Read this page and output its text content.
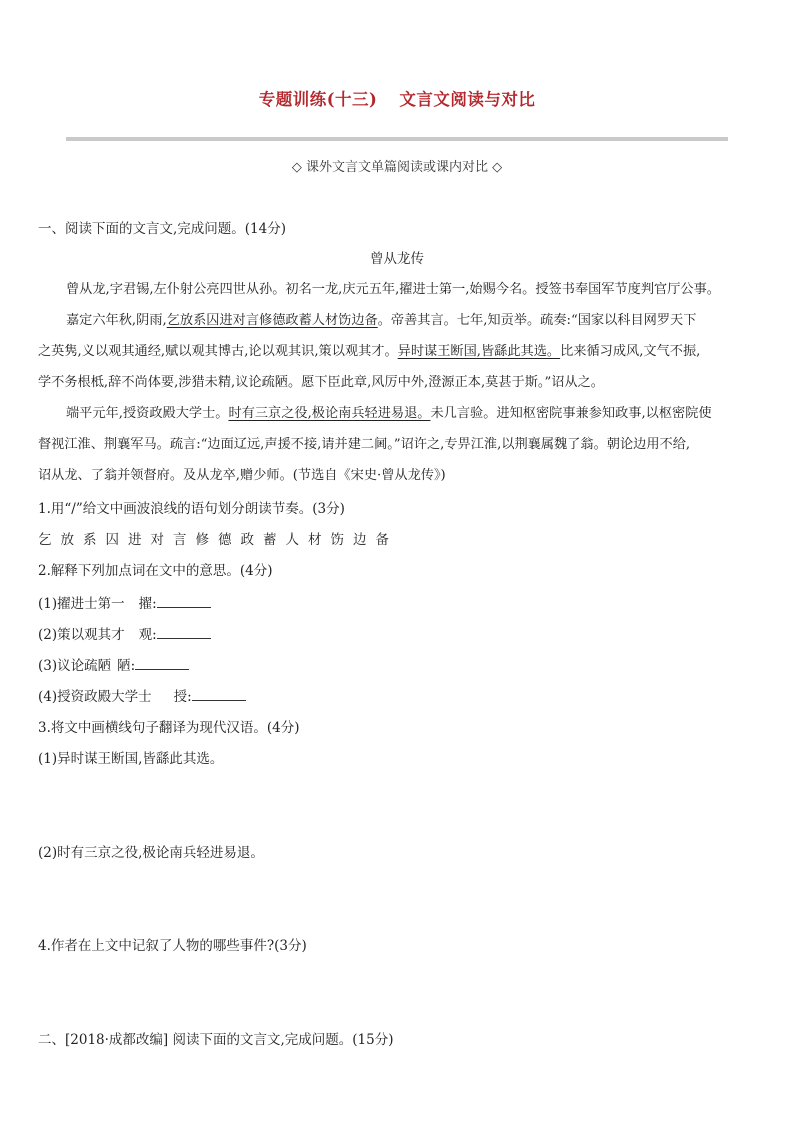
专题训练(十三) 文言文阅读与对比
◇ 课外文言文单篇阅读或课内对比 ◇
一、阅读下面的文言文,完成问题。(14分)
曾从龙传
曾从龙,字君锡,左仆射公亮四世从孙。初名一龙,庆元五年,擢进士第一,始赐今名。授签书奉国军节度判官厅公事。
嘉定六年秋,阴雨,乞放系囚进对言修德政蓄人材饬边备。帝善其言。七年,知贡举。疏奏:“国家以科目网罗天下
之英隽,义以观其通经,赋以观其博古,论以观其识,策以观其才。异时谋王断国,皆繇此其选。比来循习成风,文气不振,
学不务根柢,辞不尚体要,涉猎未精,议论疏陋。愿下臣此章,风厉中外,澄源正本,莫甚于斯。”诏从之。
端平元年,授资政殿大学士。时有三京之役,极论南兵轻进易退。未几言验。进知枢密院事兼参知政事,以枢密院使
督视江淮、荆襄军马。疏言:“边面辽远,声援不接,请并建二阃。”诏许之,专畀江淮,以荆襄属魏了翁。朝论边用不给,
诏从龙、了翁并领督府。及从龙卒,赠少师。(节选自《宋史·曾从龙传》)
1.用“/”给文中画波浪线的语句划分朗读节奏。(3分)
乞 放 系 囚 进 对 言 修 德 政 蓄 人 材 饬 边 备
2.解释下列加点词在文中的意思。(4分)
(1)擢进士第一 擢:
(2)策以观其才 观:
(3)议论疏陋 陋:
(4)授资政殿大学士 授:
3.将文中画横线句子翻译为现代汉语。(4分)
(1)异时谋王断国,皆繇此其选。
(2)时有三京之役,极论南兵轻进易退。
4.作者在上文中记叙了人物的哪些事件?(3分)
二、[2018·成都改编] 阅读下面的文言文,完成问题。(15分)
